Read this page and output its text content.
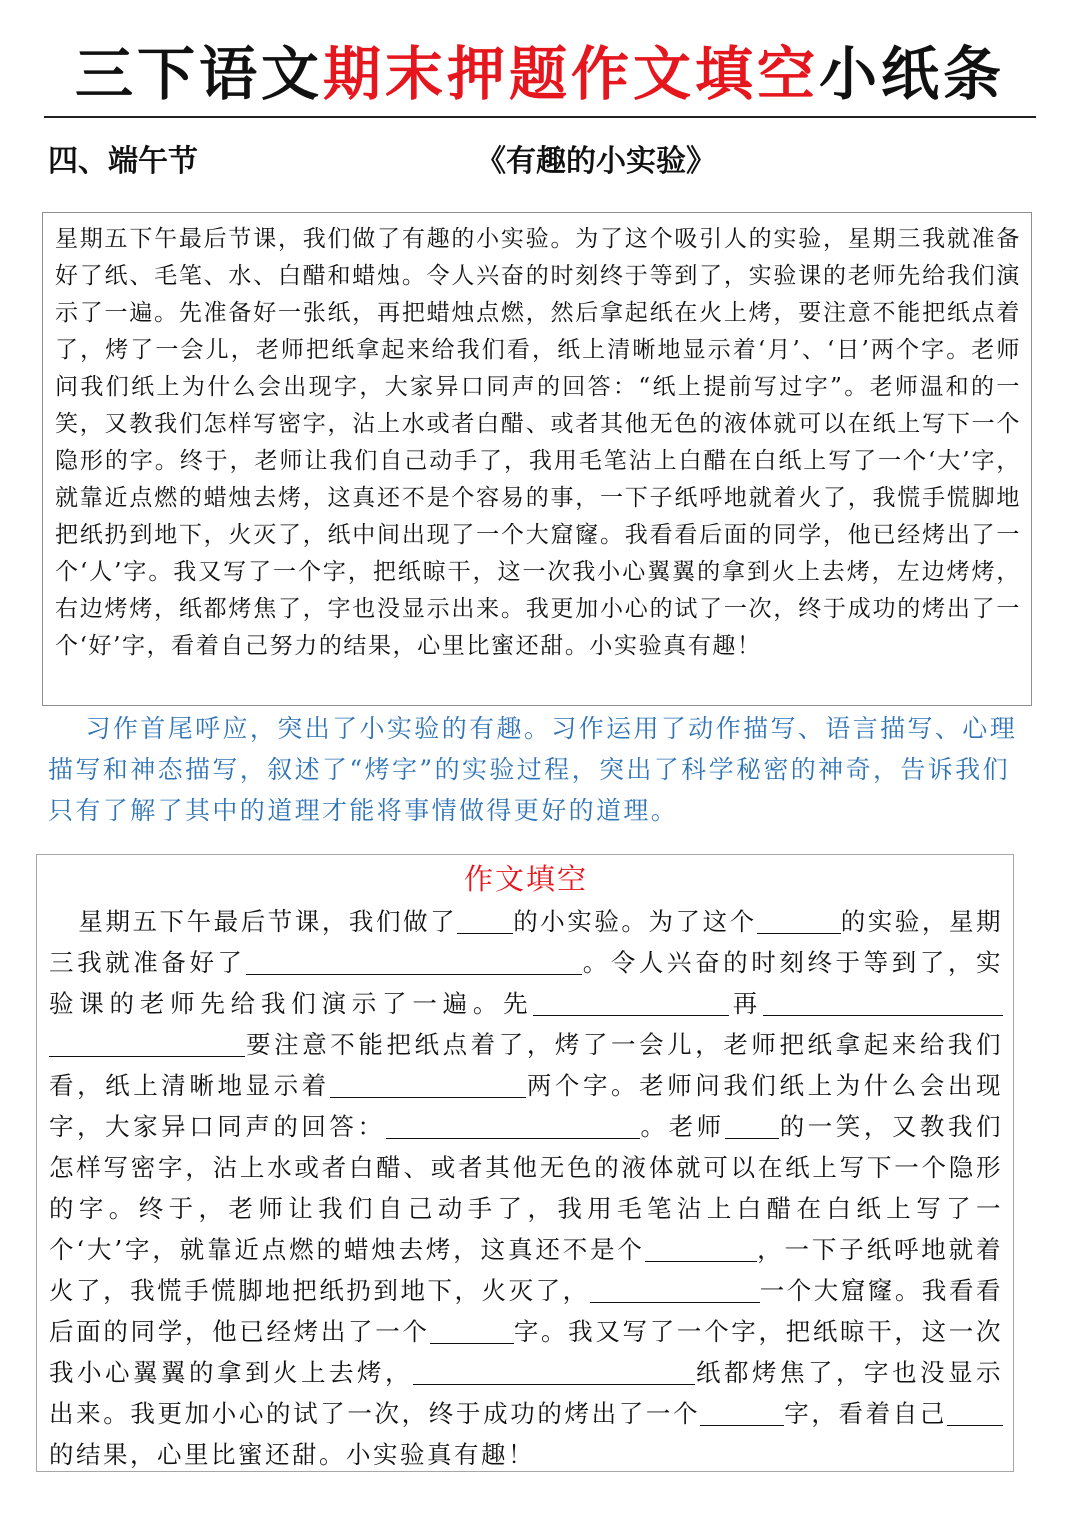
三下语文期末押题作文填空小纸条
四、端午节	《有趣的小实验》

星期五下午最后节课，我们做了有趣的小实验。为了这个吸引人的实验，星期三我就准备好了纸、毛笔、水、白醋和蜡烛。令人兴奋的时刻终于等到了，实验课的老师先给我们演示了一遍。先准备好一张纸，再把蜡烛点燃，然后拿起纸在火上烤，要注意不能把纸点着了，烤了一会儿，老师把纸拿起来给我们看，纸上清晰地显示着‘月’、‘日’两个字。老师问我们纸上为什么会出现字，大家异口同声的回答：“纸上提前写过字”。老师温和的一笑，又教我们怎样写密字，沾上水或者白醋、或者其他无色的液体就可以在纸上写下一个隐形的字。终于，老师让我们自己动手了，我用毛笔沾上白醋在白纸上写了一个‘大’字，就靠近点燃的蜡烛去烤，这真还不是个容易的事，一下子纸呼地就着火了，我慌手慌脚地把纸扔到地下，火灭了，纸中间出现了一个大窟窿。我看看后面的同学，他已经烤出了一个‘人’字。我又写了一个字，把纸晾干，这一次我小心翼翼的拿到火上去烤，左边烤烤，右边烤烤，纸都烤焦了，字也没显示出来。我更加小心的试了一次，终于成功的烤出了一个‘好’字，看着自己努力的结果，心里比蜜还甜。小实验真有趣！

习作首尾呼应，突出了小实验的有趣。习作运用了动作描写、语言描写、心理描写和神态描写，叙述了“烤字”的实验过程，突出了科学秘密的神奇，告诉我们只有了解了其中的道理才能将事情做得更好的道理。

作文填空

星期五下午最后节课，我们做了 的小实验。为了这个	的实验，星期三我就准备好了	。令人兴奋的时刻终于等到了，实验课的老师先给我们演示了一遍。先	再要注意不能把纸点着了，烤了一会儿，老师把纸拿起来给我们看，纸上清晰地显示着	两个字。老师问我们纸上为什么会出现字，大家异口同声的回答：	。老师 的一笑，又教我们怎样写密字，沾上水或者白醋、或者其他无色的液体就可以在纸上写下一个隐形的字。终于，老师让我们自己动手了，我用毛笔沾上白醋在白纸上写了一个‘大’字，就靠近点燃的蜡烛去烤，这真还不是个	，一下子纸呼地就着火了，我慌手慌脚地把纸扔到地下，火灭了，	一个大窟窿。我看看后面的同学，他已经烤出了一个	字。我又写了一个字，把纸晾干，这一次我小心翼翼的拿到火上去烤，	纸都烤焦了，字也没显示出来。我更加小心的试了一次，终于成功的烤出了一个	字，看着自己的结果，心里比蜜还甜。小实验真有趣！
